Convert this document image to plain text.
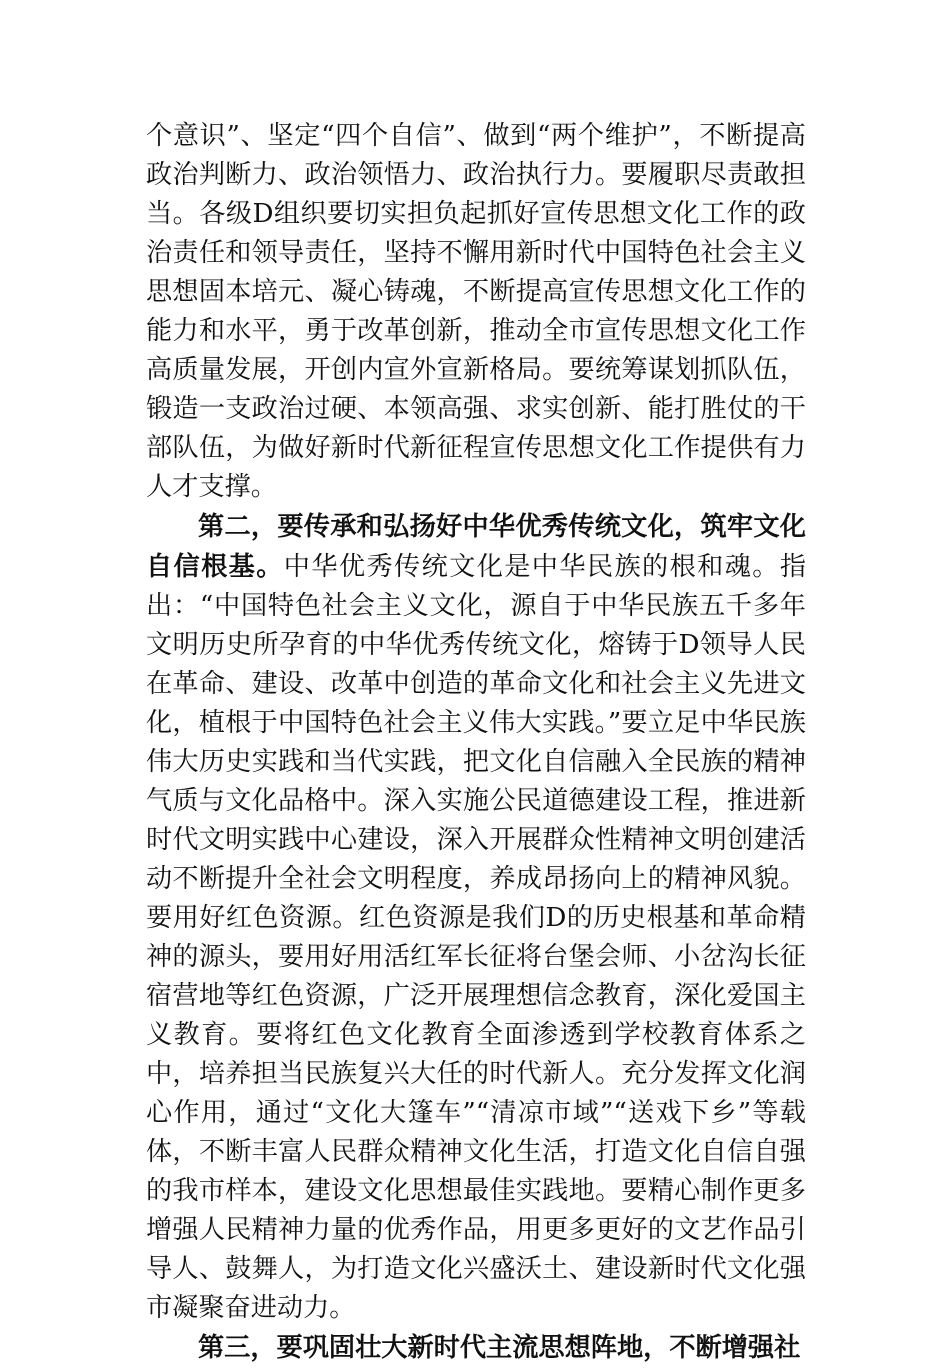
个意识”、坚定“四个自信”、做到“两个维护”，不断提高政治判断力、政治领悟力、政治执行力。要履职尽责敢担当。各级D组织要切实担负起抓好宣传思想文化工作的政治责任和领导责任，坚持不懈用新时代中国特色社会主义思想固本培元、凝心铸魂，不断提高宣传思想文化工作的能力和水平，勇于改革创新，推动全市宣传思想文化工作高质量发展，开创内宣外宣新格局。要统筹谋划抓队伍，锻造一支政治过硬、本领高强、求实创新、能打胜仗的干部队伍，为做好新时代新征程宣传思想文化工作提供有力人才支撑。

第二，要传承和弘扬好中华优秀传统文化，筑牢文化自信根基。中华优秀传统文化是中华民族的根和魂。指出：“中国特色社会主义文化，源自于中华民族五千多年文明历史所孕育的中华优秀传统文化，熔铸于D领导人民在革命、建设、改革中创造的革命文化和社会主义先进文化，植根于中国特色社会主义伟大实践。”要立足中华民族伟大历史实践和当代实践，把文化自信融入全民族的精神气质与文化品格中。深入实施公民道德建设工程，推进新时代文明实践中心建设，深入开展群众性精神文明创建活动不断提升全社会文明程度，养成昂扬向上的精神风貌。要用好红色资源。红色资源是我们D的历史根基和革命精神的源头，要用好用活红军长征将台堡会师、小岔沟长征宿营地等红色资源，广泛开展理想信念教育，深化爱国主义教育。要将红色文化教育全面渗透到学校教育体系之中，培养担当民族复兴大任的时代新人。充分发挥文化润心作用，通过“文化大篷车”“清凉市域”“送戏下乡”等载体，不断丰富人民群众精神文化生活，打造文化自信自强的我市样本，建设文化思想最佳实践地。要精心制作更多增强人民精神力量的优秀作品，用更多更好的文艺作品引导人、鼓舞人，为打造文化兴盛沃土、建设新时代文化强市凝聚奋进动力。

第三，要巩固壮大新时代主流思想阵地，不断增强社
